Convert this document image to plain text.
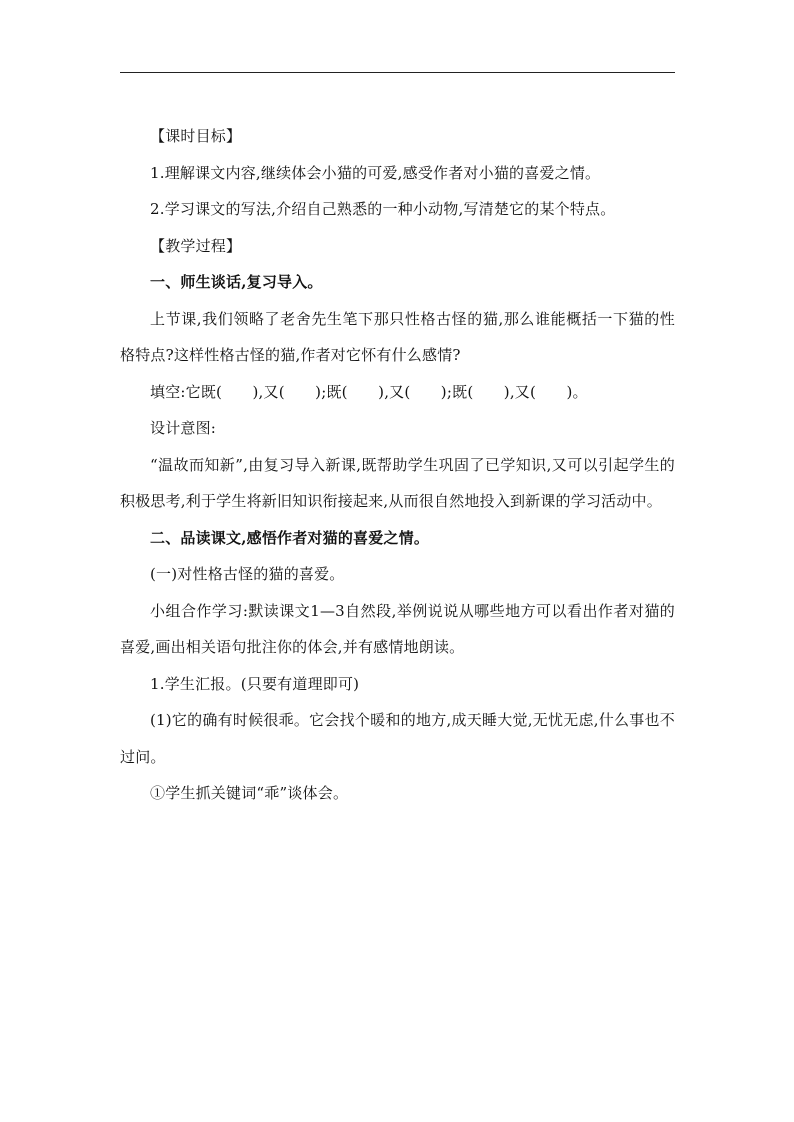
【课时目标】

1.理解课文内容,继续体会小猫的可爱,感受作者对小猫的喜爱之情。

2.学习课文的写法,介绍自己熟悉的一种小动物,写清楚它的某个特点。

【教学过程】

一、师生谈话,复习导入。

上节课,我们领略了老舍先生笔下那只性格古怪的猫,那么谁能概括一下猫的性格特点?这样性格古怪的猫,作者对它怀有什么感情?

填空:它既(　　),又(　　);既(　　),又(　　);既(　　),又(　　)。

设计意图:

“温故而知新”,由复习导入新课,既帮助学生巩固了已学知识,又可以引起学生的积极思考,利于学生将新旧知识衔接起来,从而很自然地投入到新课的学习活动中。

二、品读课文,感悟作者对猫的喜爱之情。

(一)对性格古怪的猫的喜爱。

小组合作学习:默读课文1—3自然段,举例说说从哪些地方可以看出作者对猫的喜爱,画出相关语句批注你的体会,并有感情地朗读。

1.学生汇报。(只要有道理即可)

(1)它的确有时候很乖。它会找个暖和的地方,成天睡大觉,无忧无虑,什么事也不过问。

①学生抓关键词“乖”谈体会。
